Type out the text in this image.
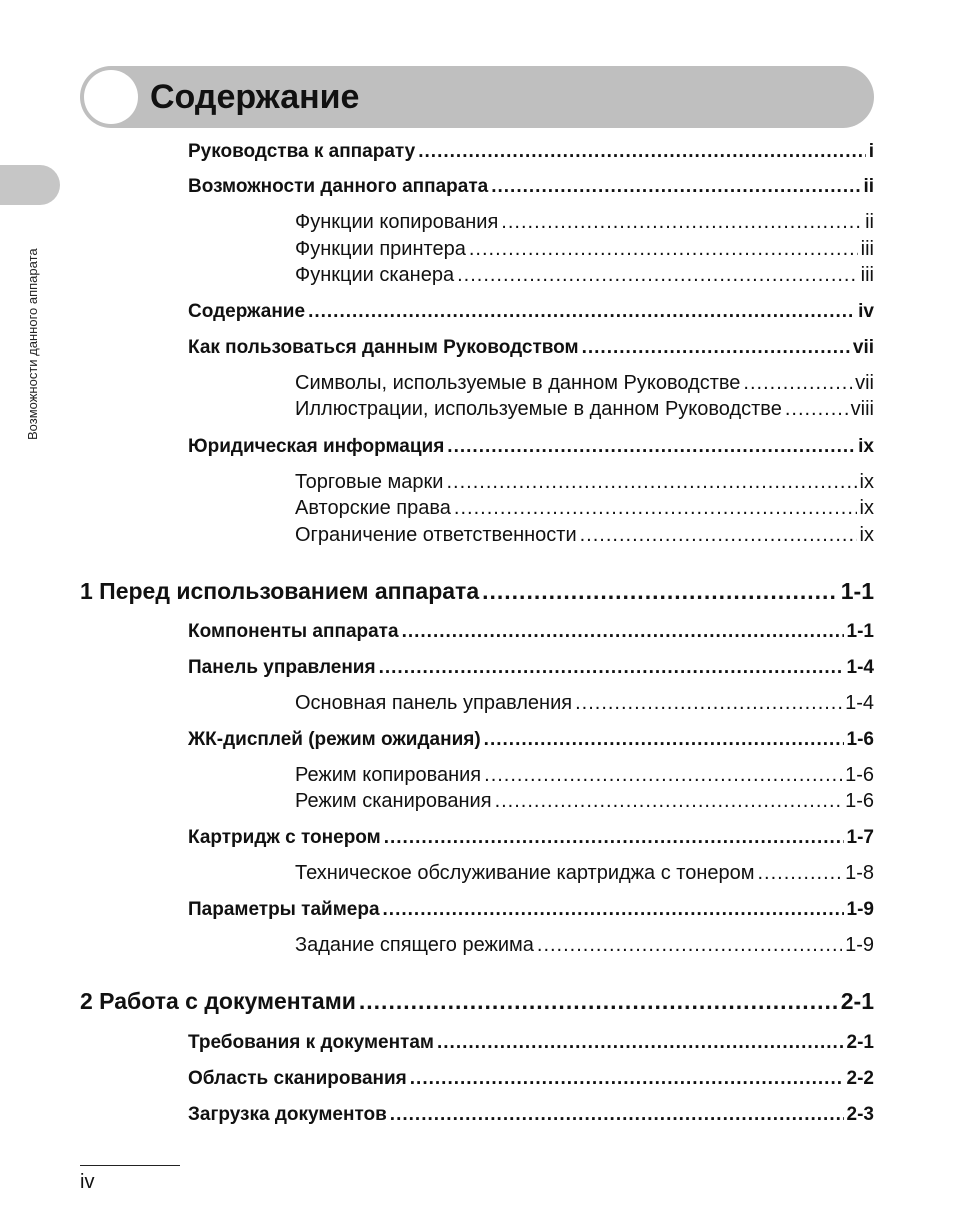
Возможности данного аппарата
Содержание
Руководства к аппарату .....	i
Возможности данного аппарата .....	ii
Функции копирования .....	ii
Функции принтера .....	iii
Функции сканера .....	iii
Содержание .....	iv
Как пользоваться данным Руководством .....	vii
Символы, используемые в данном Руководстве .....	vii
Иллюстрации, используемые в данном Руководстве .....	viii
Юридическая информация .....	ix
Торговые марки .....	ix
Авторские права .....	ix
Ограничение ответственности .....	ix
1 Перед использованием аппарата .....	1-1
Компоненты аппарата .....	1-1
Панель управления .....	1-4
Основная панель управления .....	1-4
ЖК-дисплей (режим ожидания) .....	1-6
Режим копирования .....	1-6
Режим сканирования .....	1-6
Картридж с тонером .....	1-7
Техническое обслуживание картриджа с тонером .....	1-8
Параметры таймера .....	1-9
Задание спящего режима .....	1-9
2 Работа с документами .....	2-1
Требования к документам .....	2-1
Область сканирования .....	2-2
Загрузка документов .....	2-3
iv
